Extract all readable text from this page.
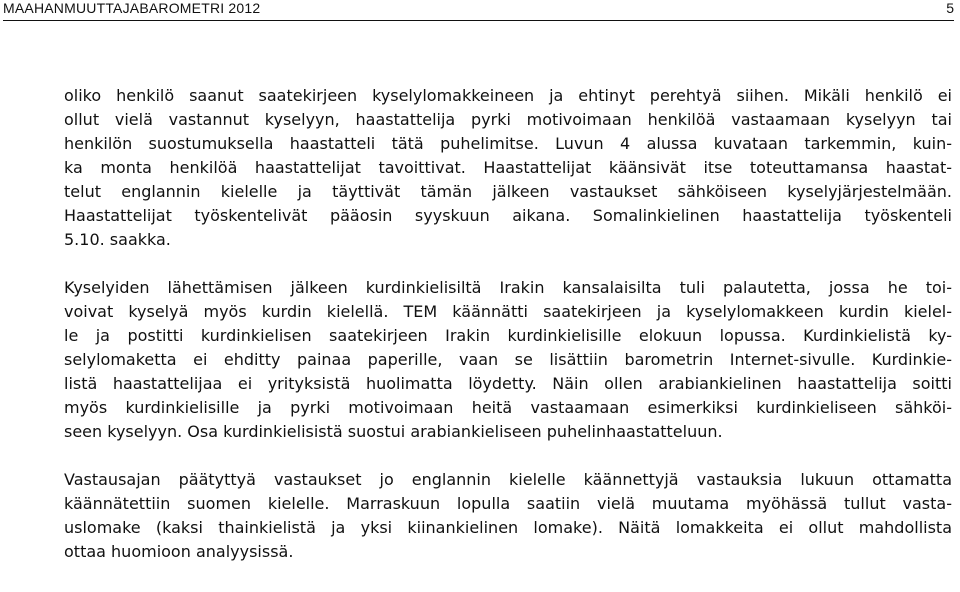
MAAHANMUUTTAJABAROMETRI 2012	5

oliko henkilö saanut saatekirjeen kyselylomakkeineen ja ehtinyt perehtyä siihen. Mikäli henkilö ei
ollut vielä vastannut kyselyyn, haastattelija pyrki motivoimaan henkilöä vastaamaan kyselyyn tai
henkilön suostumuksella haastatteli tätä puhelimitse. Luvun 4 alussa kuvataan tarkemmin, kuin-
ka monta henkilöä haastattelijat tavoittivat. Haastattelijat käänsivät itse toteuttamansa haastat-
telut englannin kielelle ja täyttivät tämän jälkeen vastaukset sähköiseen kyselyjärjestelmään.
Haastattelijat työskentelivät pääosin syyskuun aikana. Somalinkielinen haastattelija työskenteli
5.10. saakka.

Kyselyiden lähettämisen jälkeen kurdinkielisiltä Irakin kansalaisilta tuli palautetta, jossa he toi-
voivat kyselyä myös kurdin kielellä. TEM käännätti saatekirjeen ja kyselylomakkeen kurdin kielel-
le ja postitti kurdinkielisen saatekirjeen Irakin kurdinkielisille elokuun lopussa. Kurdinkielistä ky-
selylomaketta ei ehditty painaa paperille, vaan se lisättiin barometrin Internet-sivulle. Kurdinkie-
listä haastattelijaa ei yrityksistä huolimatta löydetty. Näin ollen arabiankielinen haastattelija soitti
myös kurdinkielisille ja pyrki motivoimaan heitä vastaamaan esimerkiksi kurdinkieliseen sähköi-
seen kyselyyn. Osa kurdinkielisistä suostui arabiankieliseen puhelinhaastatteluun.

Vastausajan päätyttyä vastaukset jo englannin kielelle käännettyjä vastauksia lukuun ottamatta
käännätettiin suomen kielelle. Marraskuun lopulla saatiin vielä muutama myöhässä tullut vasta-
uslomake (kaksi thainkielistä ja yksi kiinankielinen lomake). Näitä lomakkeita ei ollut mahdollista
ottaa huomioon analyysissä.
